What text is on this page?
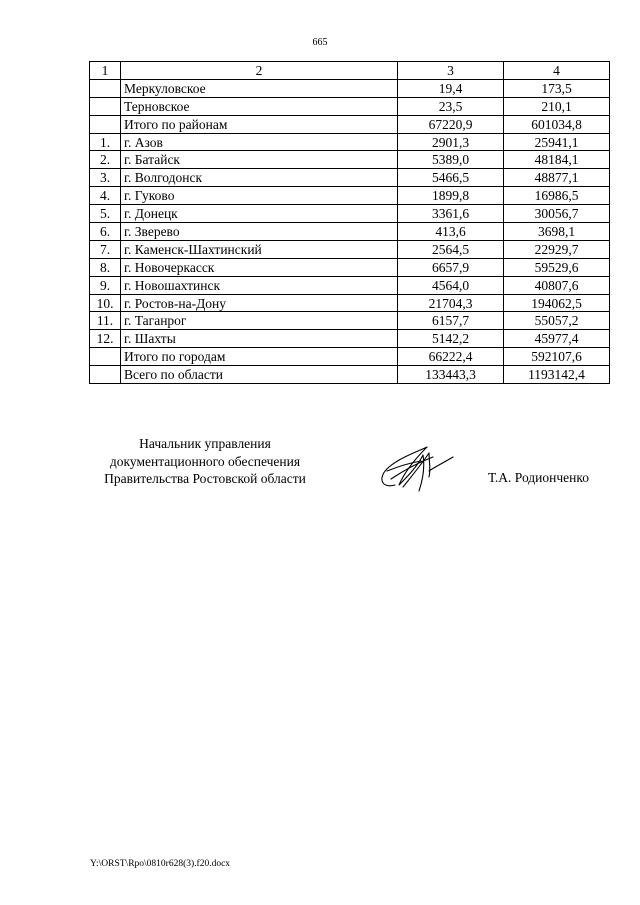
665
1	2	3	4
	Меркуловское	19,4	173,5
	Терновское	23,5	210,1
	Итого по районам	67220,9	601034,8
1.	г. Азов	2901,3	25941,1
2.	г. Батайск	5389,0	48184,1
3.	г. Волгодонск	5466,5	48877,1
4.	г. Гуково	1899,8	16986,5
5.	г. Донецк	3361,6	30056,7
6.	г. Зверево	413,6	3698,1
7.	г. Каменск-Шахтинский	2564,5	22929,7
8.	г. Новочеркасск	6657,9	59529,6
9.	г. Новошахтинск	4564,0	40807,6
10.	г. Ростов-на-Дону	21704,3	194062,5
11.	г. Таганрог	6157,7	55057,2
12.	г. Шахты	5142,2	45977,4
	Итого по городам	66222,4	592107,6
	Всего по области	133443,3	1193142,4
Начальник управления
документационного обеспечения
Правительства Ростовской области	Т.А. Родионченко
Y:\ORST\Rpo\0810r628(3).f20.docx
